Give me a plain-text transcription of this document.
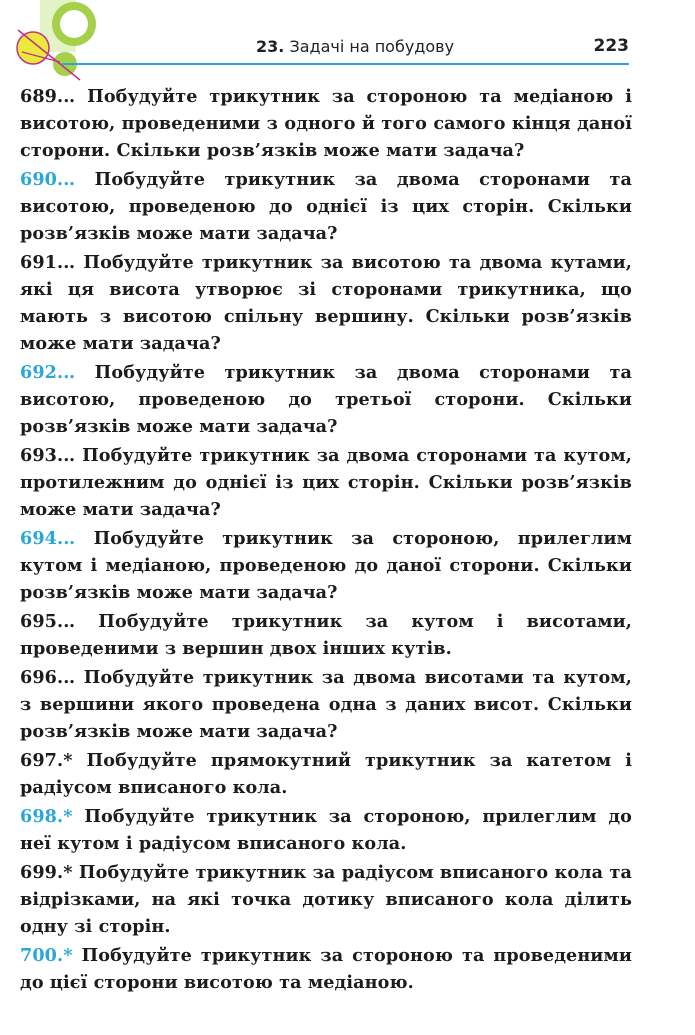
23. Задачі на побудову	223
689.‥ Побудуйте трикутник за стороною та медіаною і висотою, проведеними з одного й того самого кінця даної сторони. Скільки розв’язків може мати задача?
690.‥ Побудуйте трикутник за двома сторонами та висотою, проведеною до однієї із цих сторін. Скільки розв’язків може мати задача?
691.‥ Побудуйте трикутник за висотою та двома кутами, які ця висота утворює зі сторонами трикутника, що мають з висотою спільну вершину. Скільки розв’язків може мати задача?
692.‥ Побудуйте трикутник за двома сторонами та висотою, проведеною до третьої сторони. Скільки розв’язків може мати задача?
693.‥ Побудуйте трикутник за двома сторонами та кутом, протилежним до однієї із цих сторін. Скільки розв’язків може мати задача?
694.‥ Побудуйте трикутник за стороною, прилеглим кутом і медіаною, проведеною до даної сторони. Скільки розв’язків може мати задача?
695.‥ Побудуйте трикутник за кутом і висотами, проведеними з вершин двох інших кутів.
696.‥ Побудуйте трикутник за двома висотами та кутом, з вершини якого проведена одна з даних висот. Скільки розв’язків може мати задача?
697.* Побудуйте прямокутний трикутник за катетом і радіусом вписаного кола.
698.* Побудуйте трикутник за стороною, прилеглим до неї кутом і радіусом вписаного кола.
699.* Побудуйте трикутник за радіусом вписаного кола та відрізками, на які точка дотику вписаного кола ділить одну зі сторін.
700.* Побудуйте трикутник за стороною та проведеними до цієї сторони висотою та медіаною.
